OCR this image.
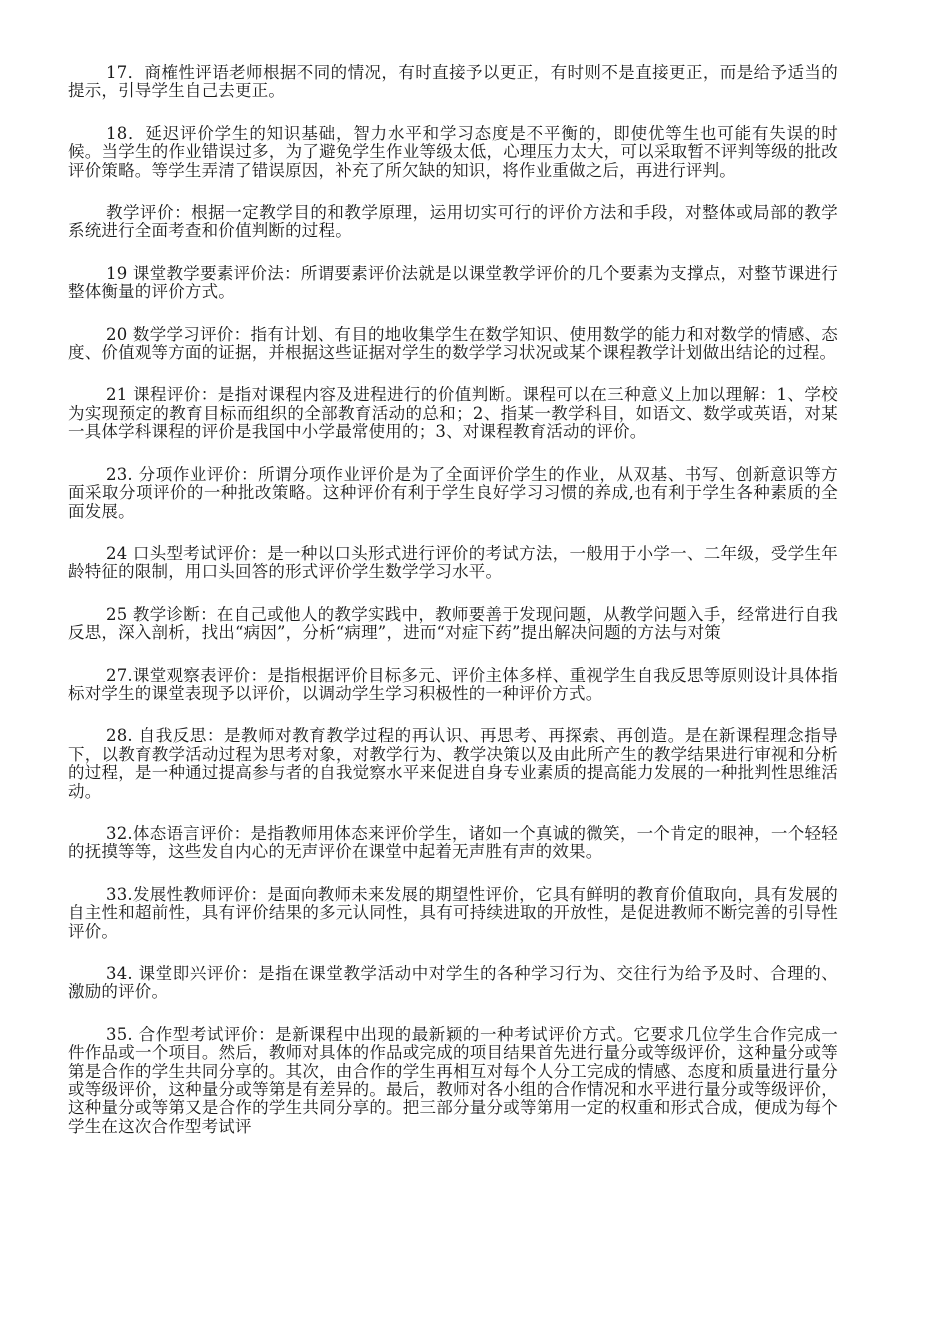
17．商榷性评语老师根据不同的情况，有时直接予以更正，有时则不是直接更正，而是给予适当的提示，引导学生自己去更正。

18．延迟评价学生的知识基础，智力水平和学习态度是不平衡的，即使优等生也可能有失误的时候。当学生的作业错误过多，为了避免学生作业等级太低，心理压力太大，可以采取暂不评判等级的批改评价策略。等学生弄清了错误原因，补充了所欠缺的知识，将作业重做之后，再进行评判。

教学评价：根据一定教学目的和教学原理，运用切实可行的评价方法和手段，对整体或局部的教学系统进行全面考查和价值判断的过程。

19 课堂教学要素评价法：所谓要素评价法就是以课堂教学评价的几个要素为支撑点，对整节课进行整体衡量的评价方式。

20 数学学习评价：指有计划、有目的地收集学生在数学知识、使用数学的能力和对数学的情感、态度、价值观等方面的证据，并根据这些证据对学生的数学学习状况或某个课程教学计划做出结论的过程。

21 课程评价：是指对课程内容及进程进行的价值判断。课程可以在三种意义上加以理解：1、学校为实现预定的教育目标而组织的全部教育活动的总和；2、指某一教学科目，如语文、数学或英语，对某一具体学科课程的评价是我国中小学最常使用的；3、对课程教育活动的评价。

23. 分项作业评价：所谓分项作业评价是为了全面评价学生的作业，从双基、书写、创新意识等方面采取分项评价的一种批改策略。这种评价有利于学生良好学习习惯的养成,也有利于学生各种素质的全面发展。

24 口头型考试评价：是一种以口头形式进行评价的考试方法，一般用于小学一、二年级，受学生年龄特征的限制，用口头回答的形式评价学生数学学习水平。

25 教学诊断：在自己或他人的教学实践中，教师要善于发现问题，从教学问题入手，经常进行自我反思，深入剖析，找出“病因”，分析“病理”，进而“对症下药”提出解决问题的方法与对策

27.课堂观察表评价：是指根据评价目标多元、评价主体多样、重视学生自我反思等原则设计具体指标对学生的课堂表现予以评价，以调动学生学习积极性的一种评价方式。

28. 自我反思：是教师对教育教学过程的再认识、再思考、再探索、再创造。是在新课程理念指导下，以教育教学活动过程为思考对象，对教学行为、教学决策以及由此所产生的教学结果进行审视和分析的过程，是一种通过提高参与者的自我觉察水平来促进自身专业素质的提高能力发展的一种批判性思维活动。

32.体态语言评价：是指教师用体态来评价学生，诸如一个真诚的微笑，一个肯定的眼神，一个轻轻的抚摸等等，这些发自内心的无声评价在课堂中起着无声胜有声的效果。

33.发展性教师评价：是面向教师未来发展的期望性评价，它具有鲜明的教育价值取向，具有发展的自主性和超前性，具有评价结果的多元认同性，具有可持续进取的开放性，是促进教师不断完善的引导性评价。

34. 课堂即兴评价：是指在课堂教学活动中对学生的各种学习行为、交往行为给予及时、合理的、激励的评价。

35. 合作型考试评价：是新课程中出现的最新颖的一种考试评价方式。它要求几位学生合作完成一件作品或一个项目。然后，教师对具体的作品或完成的项目结果首先进行量分或等级评价，这种量分或等第是合作的学生共同分享的。其次，由合作的学生再相互对每个人分工完成的情感、态度和质量进行量分或等级评价，这种量分或等第是有差异的。最后，教师对各小组的合作情况和水平进行量分或等级评价，这种量分或等第又是合作的学生共同分享的。把三部分量分或等第用一定的权重和形式合成，便成为每个学生在这次合作型考试评
